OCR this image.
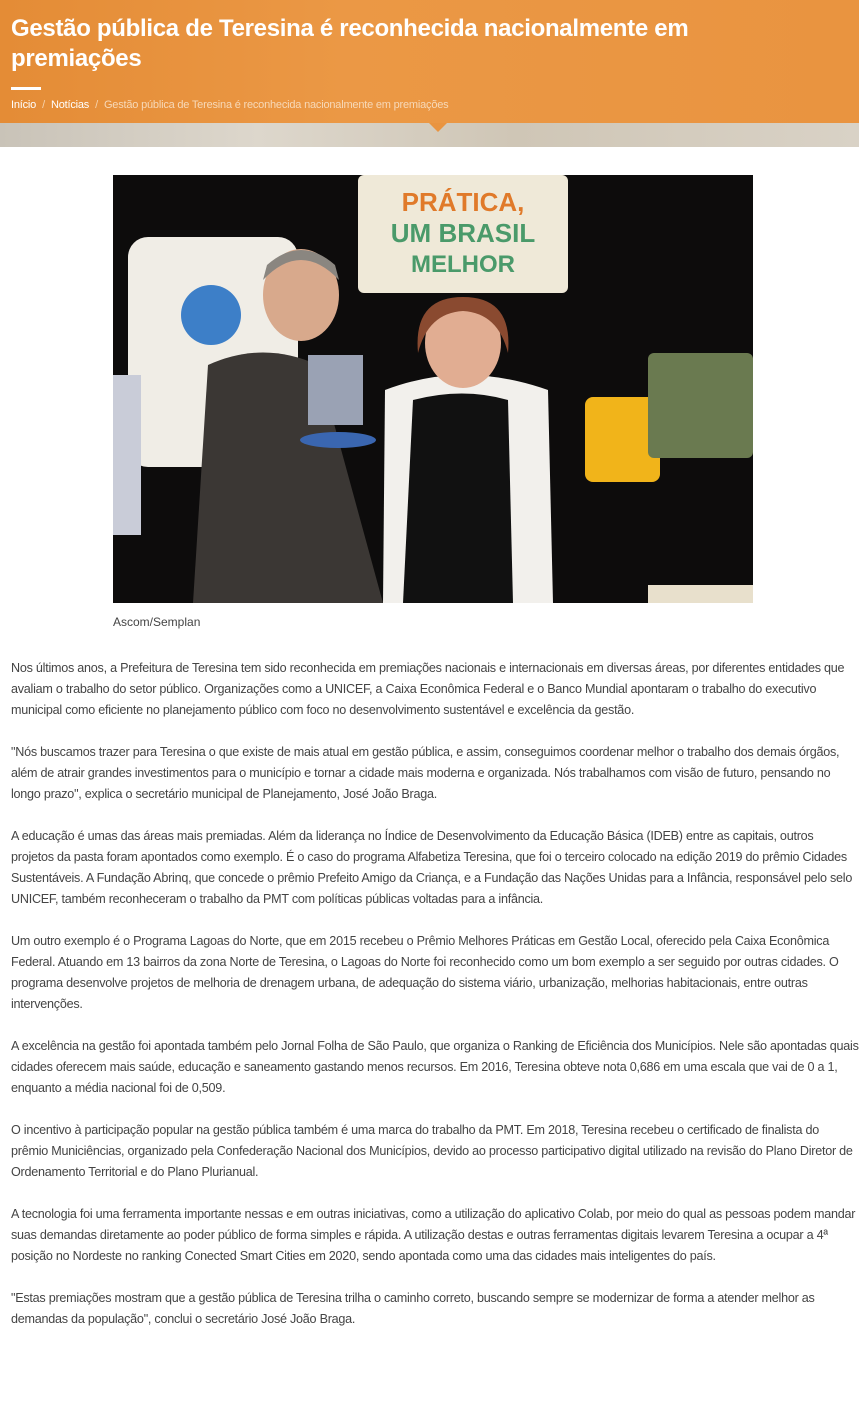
Gestão pública de Teresina é reconhecida nacionalmente em premiações
Início / Notícias / Gestão pública de Teresina é reconhecida nacionalmente em premiações
PRÁTICA,
UM BRASIL
MELHOR
Ascom/Semplan

Nos últimos anos, a Prefeitura de Teresina tem sido reconhecida em premiações nacionais e internacionais em diversas áreas, por diferentes entidades que avaliam o trabalho do setor público. Organizações como a UNICEF, a Caixa Econômica Federal e o Banco Mundial apontaram o trabalho do executivo municipal como eficiente no planejamento público com foco no desenvolvimento sustentável e excelência da gestão.

"Nós buscamos trazer para Teresina o que existe de mais atual em gestão pública, e assim, conseguimos coordenar melhor o trabalho dos demais órgãos, além de atrair grandes investimentos para o município e tornar a cidade mais moderna e organizada. Nós trabalhamos com visão de futuro, pensando no longo prazo", explica o secretário municipal de Planejamento, José João Braga.

A educação é umas das áreas mais premiadas. Além da liderança no Índice de Desenvolvimento da Educação Básica (IDEB) entre as capitais, outros projetos da pasta foram apontados como exemplo. É o caso do programa Alfabetiza Teresina, que foi o terceiro colocado na edição 2019 do prêmio Cidades Sustentáveis. A Fundação Abrinq, que concede o prêmio Prefeito Amigo da Criança, e a Fundação das Nações Unidas para a Infância, responsável pelo selo UNICEF, também reconheceram o trabalho da PMT com políticas públicas voltadas para a infância.

Um outro exemplo é o Programa Lagoas do Norte, que em 2015 recebeu o Prêmio Melhores Práticas em Gestão Local, oferecido pela Caixa Econômica Federal. Atuando em 13 bairros da zona Norte de Teresina, o Lagoas do Norte foi reconhecido como um bom exemplo a ser seguido por outras cidades. O programa desenvolve projetos de melhoria de drenagem urbana, de adequação do sistema viário, urbanização, melhorias habitacionais, entre outras intervenções.

A excelência na gestão foi apontada também pelo Jornal Folha de São Paulo, que organiza o Ranking de Eficiência dos Municípios. Nele são apontadas quais cidades oferecem mais saúde, educação e saneamento gastando menos recursos. Em 2016, Teresina obteve nota 0,686 em uma escala que vai de 0 a 1, enquanto a média nacional foi de 0,509.

O incentivo à participação popular na gestão pública também é uma marca do trabalho da PMT. Em 2018, Teresina recebeu o certificado de finalista do prêmio Municiências, organizado pela Confederação Nacional dos Municípios, devido ao processo participativo digital utilizado na revisão do Plano Diretor de Ordenamento Territorial e do Plano Plurianual.

A tecnologia foi uma ferramenta importante nessas e em outras iniciativas, como a utilização do aplicativo Colab, por meio do qual as pessoas podem mandar suas demandas diretamente ao poder público de forma simples e rápida. A utilização destas e outras ferramentas digitais levarem Teresina a ocupar a 4ª posição no Nordeste no ranking Conected Smart Cities em 2020, sendo apontada como uma das cidades mais inteligentes do país.

"Estas premiações mostram que a gestão pública de Teresina trilha o caminho correto, buscando sempre se modernizar de forma a atender melhor as demandas da população", conclui o secretário José João Braga.
